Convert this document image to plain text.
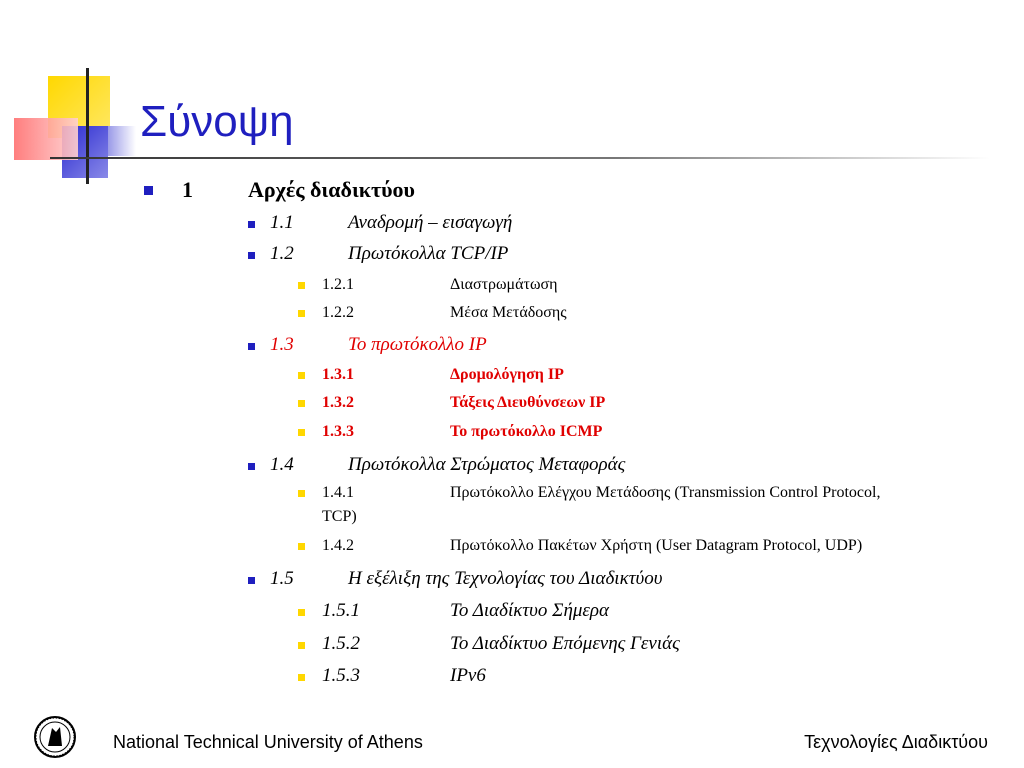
Σύνοψη
1	Αρχές διαδικτύου
1.1	Αναδρομή – εισαγωγή
1.2	Πρωτόκολλα TCP/IP
1.2.1	Διαστρωμάτωση
1.2.2	Μέσα Μετάδοσης
1.3	Το πρωτόκολλο IP
1.3.1	Δρομολόγηση IP
1.3.2	Τάξεις Διευθύνσεων IP
1.3.3	Το πρωτόκολλο ICMP
1.4	Πρωτόκολλα Στρώματος Μεταφοράς
1.4.1	Πρωτόκολλο Ελέγχου Μετάδοσης (Transmission Control Protocol,
TCP)
1.4.2	Πρωτόκολλο Πακέτων Χρήστη (User Datagram Protocol, UDP)
1.5	Η εξέλιξη της Τεχνολογίας του Διαδικτύου
1.5.1	Το Διαδίκτυο Σήμερα
1.5.2	Το Διαδίκτυο Επόμενης Γενιάς
1.5.3	IPv6
National Technical University of Athens	Τεχνολογίες Διαδικτύου
